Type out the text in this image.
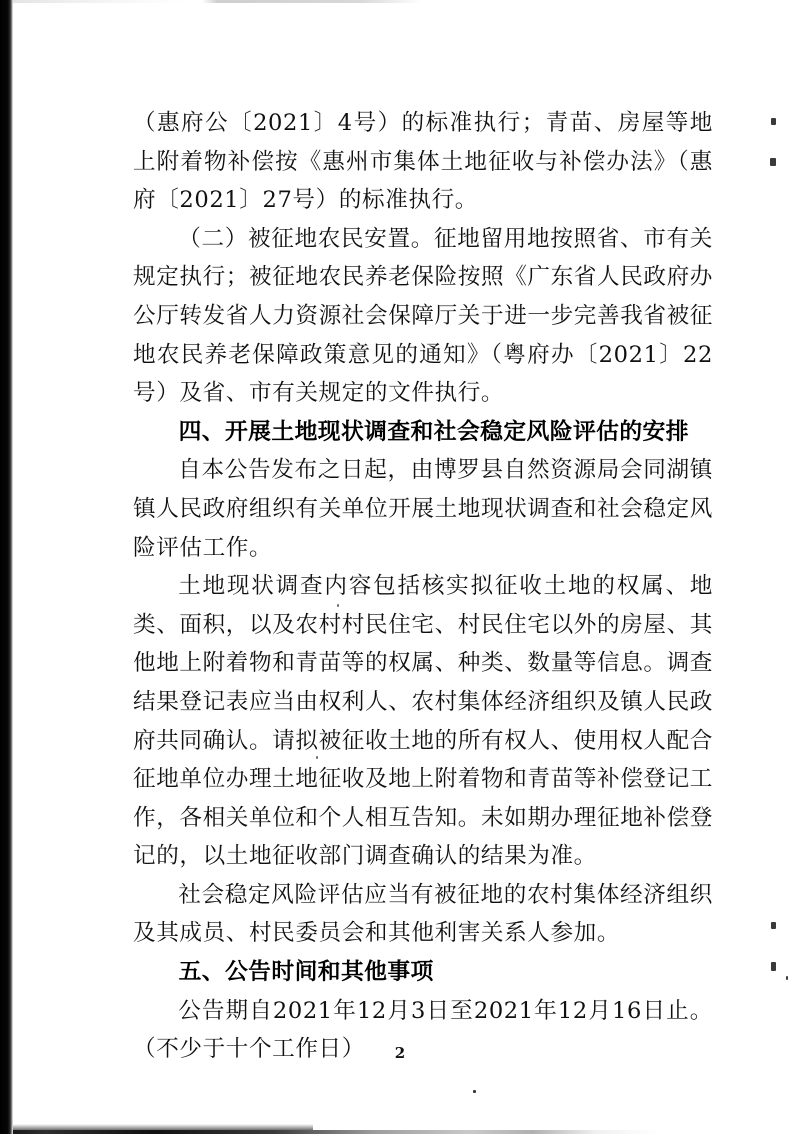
（惠府公〔2021〕4号）的标准执行；青苗、房屋等地上附着物补偿按《惠州市集体土地征收与补偿办法》（惠府〔2021〕27号）的标准执行。

（二）被征地农民安置。征地留用地按照省、市有关规定执行；被征地农民养老保险按照《广东省人民政府办公厅转发省人力资源社会保障厅关于进一步完善我省被征地农民养老保障政策意见的通知》（粤府办〔2021〕22号）及省、市有关规定的文件执行。

四、开展土地现状调查和社会稳定风险评估的安排

自本公告发布之日起，由博罗县自然资源局会同湖镇镇人民政府组织有关单位开展土地现状调查和社会稳定风险评估工作。

土地现状调查内容包括核实拟征收土地的权属、地类、面积，以及农村村民住宅、村民住宅以外的房屋、其他地上附着物和青苗等的权属、种类、数量等信息。调查结果登记表应当由权利人、农村集体经济组织及镇人民政府共同确认。请拟被征收土地的所有权人、使用权人配合征地单位办理土地征收及地上附着物和青苗等补偿登记工作，各相关单位和个人相互告知。未如期办理征地补偿登记的，以土地征收部门调查确认的结果为准。

社会稳定风险评估应当有被征地的农村集体经济组织及其成员、村民委员会和其他利害关系人参加。

五、公告时间和其他事项

公告期自2021年12月3日至2021年12月16日止。（不少于十个工作日）	2
